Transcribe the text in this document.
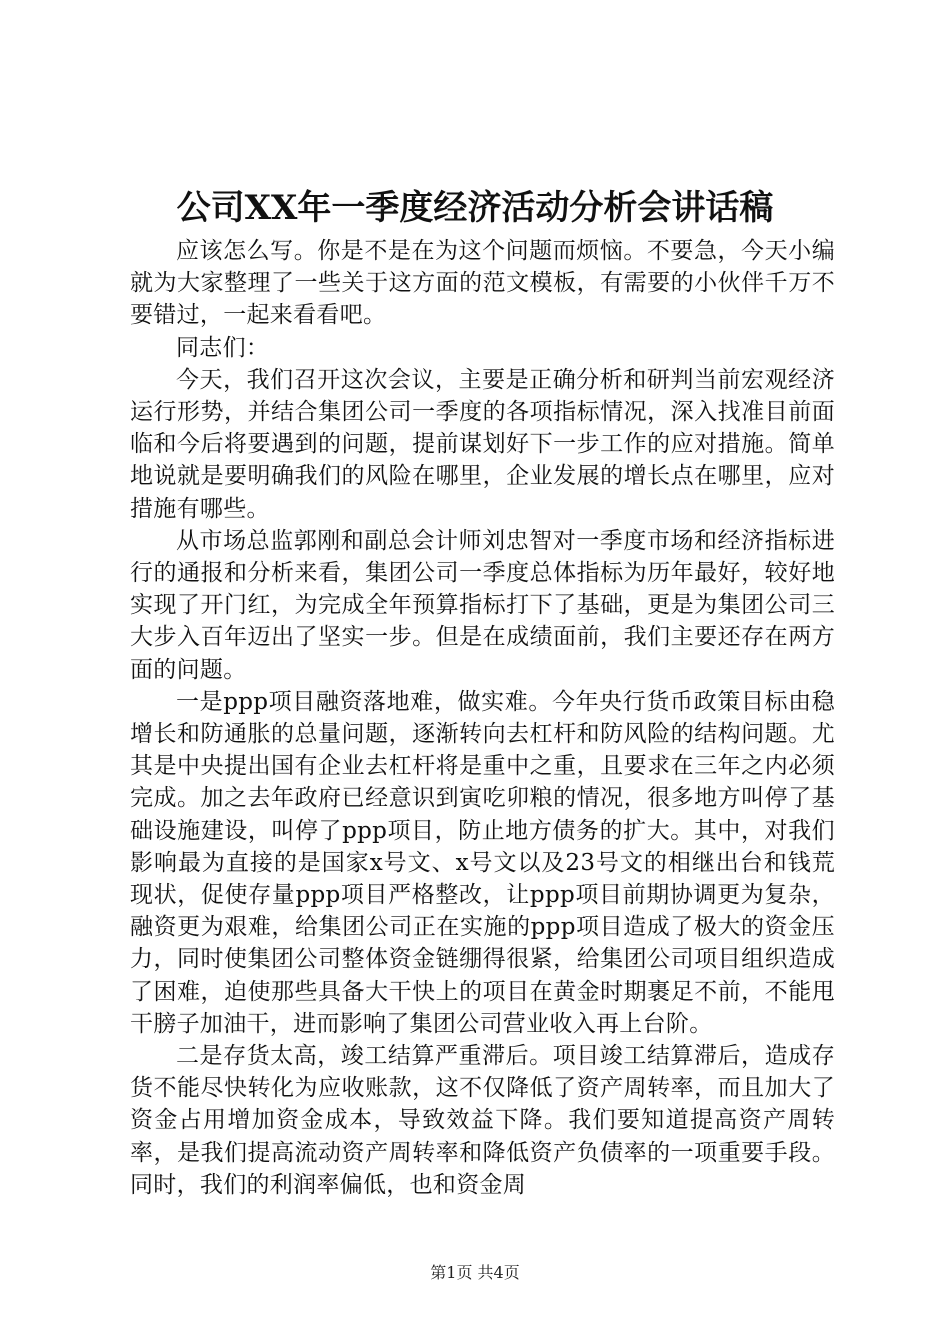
公司XX年一季度经济活动分析会讲话稿

应该怎么写。你是不是在为这个问题而烦恼。不要急，今天小编就为大家整理了一些关于这方面的范文模板，有需要的小伙伴千万不要错过，一起来看看吧。

同志们：

今天，我们召开这次会议，主要是正确分析和研判当前宏观经济运行形势，并结合集团公司一季度的各项指标情况，深入找准目前面临和今后将要遇到的问题，提前谋划好下一步工作的应对措施。简单地说就是要明确我们的风险在哪里，企业发展的增长点在哪里，应对措施有哪些。

从市场总监郭刚和副总会计师刘忠智对一季度市场和经济指标进行的通报和分析来看，集团公司一季度总体指标为历年最好，较好地实现了开门红，为完成全年预算指标打下了基础，更是为集团公司三大步入百年迈出了坚实一步。但是在成绩面前，我们主要还存在两方面的问题。

一是ppp项目融资落地难，做实难。今年央行货币政策目标由稳增长和防通胀的总量问题，逐渐转向去杠杆和防风险的结构问题。尤其是中央提出国有企业去杠杆将是重中之重，且要求在三年之内必须完成。加之去年政府已经意识到寅吃卯粮的情况，很多地方叫停了基础设施建设，叫停了ppp项目，防止地方债务的扩大。其中，对我们影响最为直接的是国家x号文、x号文以及23号文的相继出台和钱荒现状，促使存量ppp项目严格整改，让ppp项目前期协调更为复杂，融资更为艰难，给集团公司正在实施的ppp项目造成了极大的资金压力，同时使集团公司整体资金链绷得很紧，给集团公司项目组织造成了困难，迫使那些具备大干快上的项目在黄金时期裹足不前，不能甩干膀子加油干，进而影响了集团公司营业收入再上台阶。

二是存货太高，竣工结算严重滞后。项目竣工结算滞后，造成存货不能尽快转化为应收账款，这不仅降低了资产周转率，而且加大了资金占用增加资金成本，导致效益下降。我们要知道提高资产周转率，是我们提高流动资产周转率和降低资产负债率的一项重要手段。同时，我们的利润率偏低，也和资金周

第1页 共4页
